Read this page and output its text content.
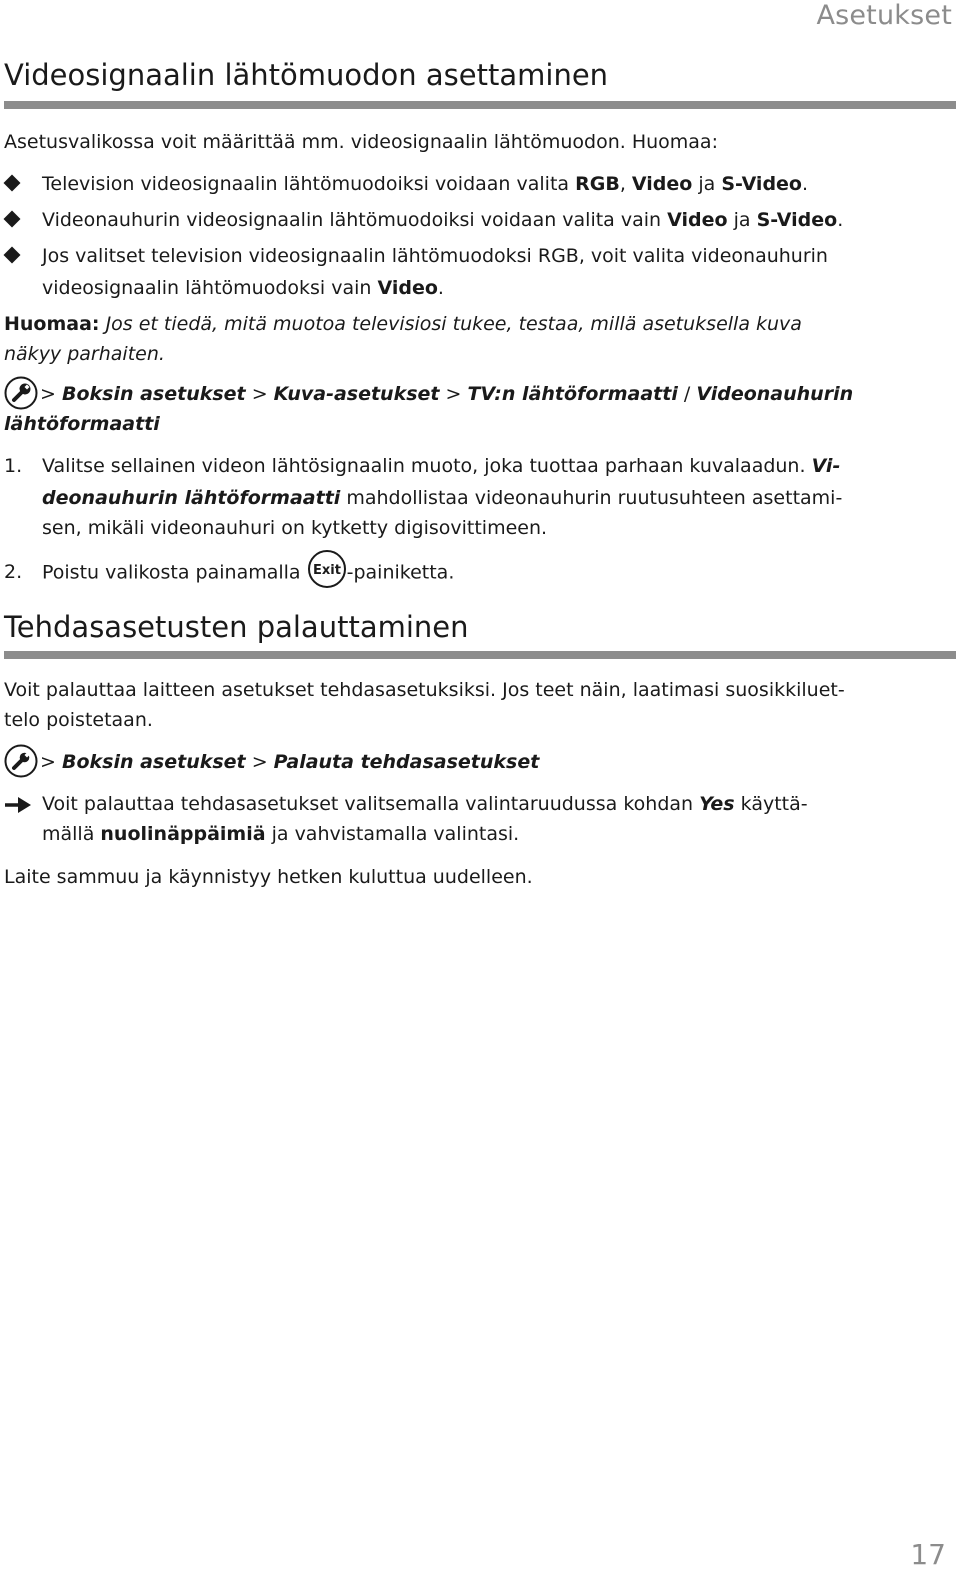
Asetukset
Videosignaalin lähtömuodon asettaminen
Asetusvalikossa voit määrittää mm. videosignaalin lähtömuodon. Huomaa:
Television videosignaalin lähtömuodoiksi voidaan valita RGB, Video ja S-Video.
Videonauhurin videosignaalin lähtömuodoiksi voidaan valita vain Video ja S-Video.
Jos valitset television videosignaalin lähtömuodoksi RGB, voit valita videonauhurin
videosignaalin lähtömuodoksi vain Video.
Huomaa: Jos et tiedä, mitä muotoa televisiosi tukee, testaa, millä asetuksella kuva
näkyy parhaiten.
> Boksin asetukset > Kuva-asetukset > TV:n lähtöformaatti / Videonauhurin
lähtöformaatti
1. Valitse sellainen videon lähtösignaalin muoto, joka tuottaa parhaan kuvalaadun. Vi-
deonauhurin lähtöformaatti mahdollistaa videonauhurin ruutusuhteen asettami-
sen, mikäli videonauhuri on kytketty digisovittimeen.
2. Poistu valikosta painamalla Exit -painiketta.
Tehdasasetusten palauttaminen
Voit palauttaa laitteen asetukset tehdasasetuksiksi. Jos teet näin, laatimasi suosikkiluet-
telo poistetaan.
> Boksin asetukset > Palauta tehdasasetukset
Voit palauttaa tehdasasetukset valitsemalla valintaruudussa kohdan Yes käyttä-
mällä nuolinäppäimiä ja vahvistamalla valintasi.
Laite sammuu ja käynnistyy hetken kuluttua uudelleen.
17
